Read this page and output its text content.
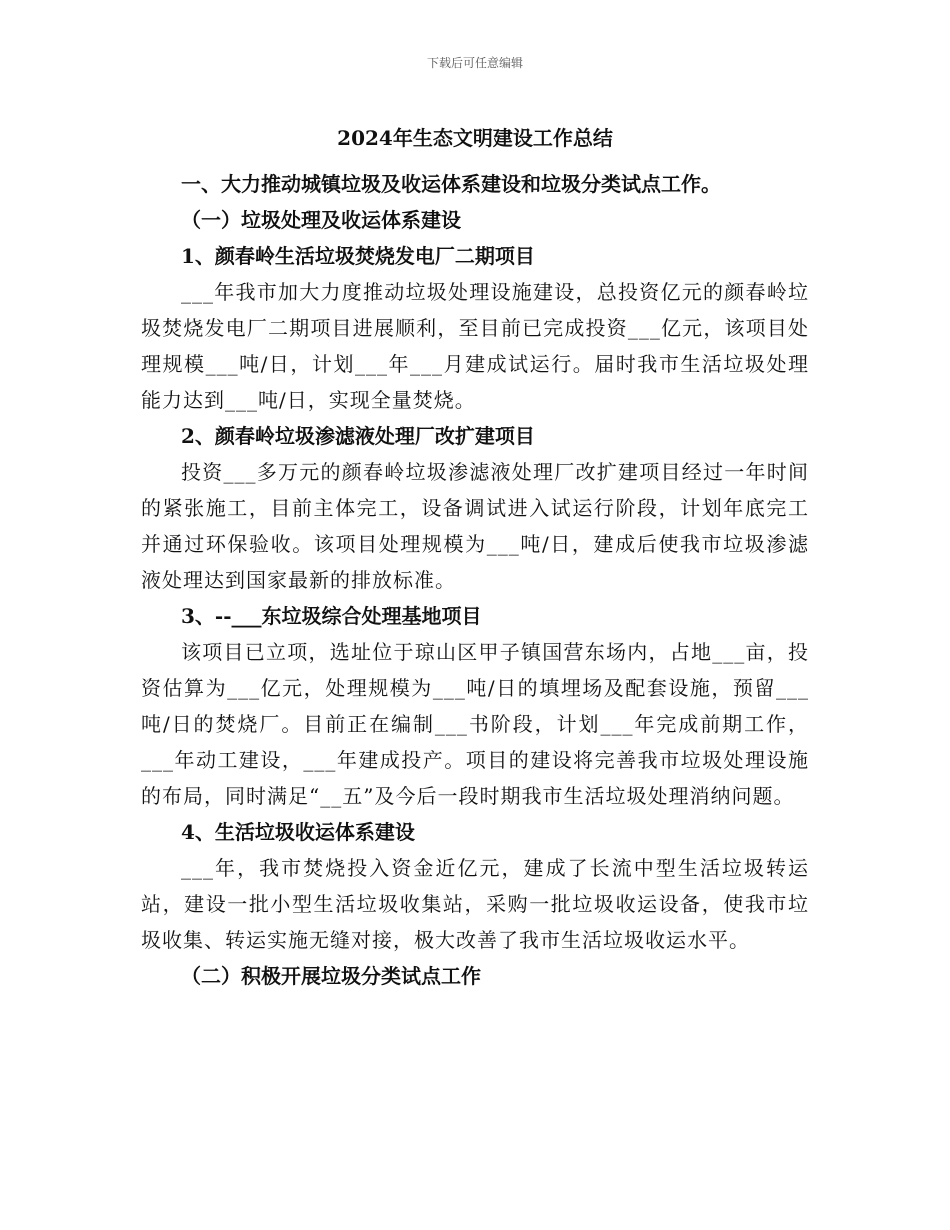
下载后可任意编辑
2024年生态文明建设工作总结
一、大力推动城镇垃圾及收运体系建设和垃圾分类试点工作。
（一）垃圾处理及收运体系建设
1、颜春岭生活垃圾焚烧发电厂二期项目

___年我市加大力度推动垃圾处理设施建设，总投资亿元的颜春岭垃圾焚烧发电厂二期项目进展顺利，至目前已完成投资___亿元，该项目处理规模___吨/日，计划___年___月建成试运行。届时我市生活垃圾处理能力达到___吨/日，实现全量焚烧。

2、颜春岭垃圾渗滤液处理厂改扩建项目

投资___多万元的颜春岭垃圾渗滤液处理厂改扩建项目经过一年时间的紧张施工，目前主体完工，设备调试进入试运行阶段，计划年底完工并通过环保验收。该项目处理规模为___吨/日，建成后使我市垃圾渗滤液处理达到国家最新的排放标准。

3、--___东垃圾综合处理基地项目

该项目已立项，选址位于琼山区甲子镇国营东场内，占地___亩，投资估算为___亿元，处理规模为___吨/日的填埋场及配套设施，预留___吨/日的焚烧厂。目前正在编制___书阶段，计划___年完成前期工作，___年动工建设，___年建成投产。项目的建设将完善我市垃圾处理设施的布局，同时满足“__五”及今后一段时期我市生活垃圾处理消纳问题。

4、生活垃圾收运体系建设

___年，我市焚烧投入资金近亿元，建成了长流中型生活垃圾转运站，建设一批小型生活垃圾收集站，采购一批垃圾收运设备，使我市垃圾收集、转运实施无缝对接，极大改善了我市生活垃圾收运水平。

（二）积极开展垃圾分类试点工作
